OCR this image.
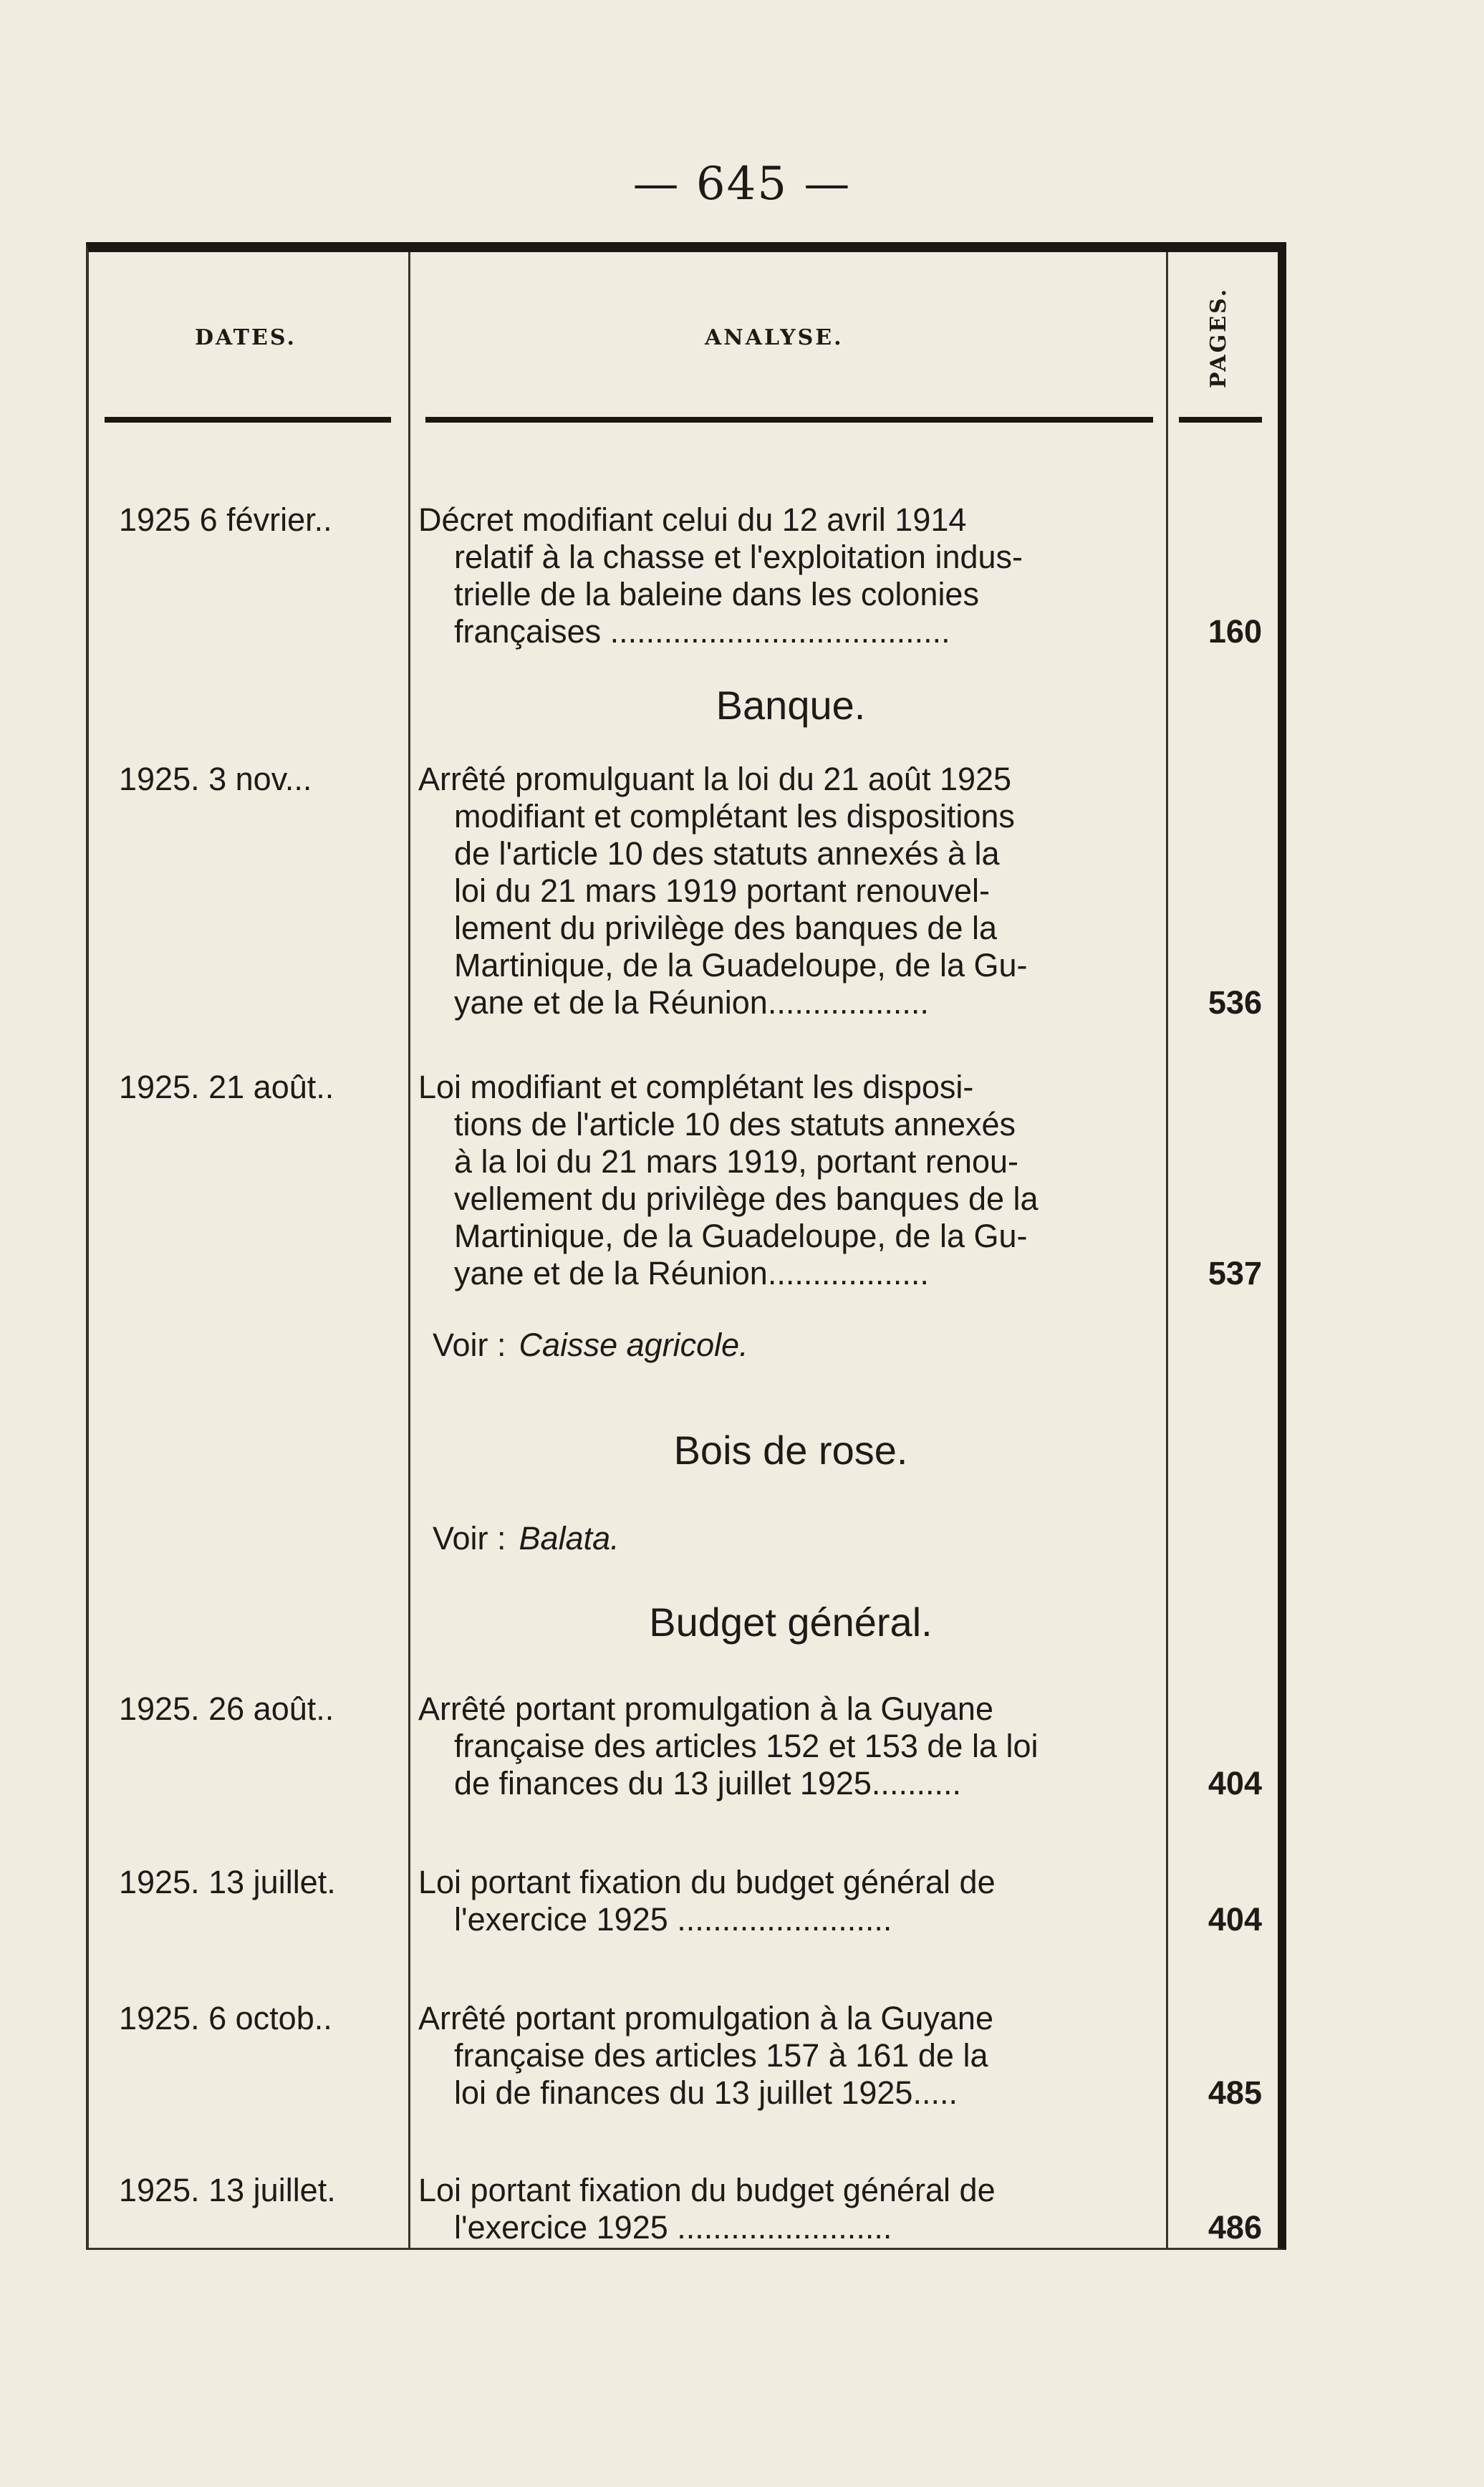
— 645 —
DATES.	ANALYSE.	PAGES.
1925 6 février..	Décret modifiant celui du 12 avril 1914
relatif à la chasse et l'exploitation indus-
trielle de la baleine dans les colonies
françaises ......................................	160
Banque.
1925. 3 nov...	Arrêté promulguant la loi du 21 août 1925
modifiant et complétant les dispositions
de l'article 10 des statuts annexés à la
loi du 21 mars 1919 portant renouvel-
lement du privilège des banques de la
Martinique, de la Guadeloupe, de la Gu-
yane et de la Réunion..................	536
1925. 21 août..	Loi modifiant et complétant les disposi-
tions de l'article 10 des statuts annexés
à la loi du 21 mars 1919, portant renou-
vellement du privilège des banques de la
Martinique, de la Guadeloupe, de la Gu-
yane et de la Réunion..................	537
Voir : Caisse agricole.
Bois de rose.
Voir : Balata.
Budget général.
1925. 26 août..	Arrêté portant promulgation à la Guyane
française des articles 152 et 153 de la loi
de finances du 13 juillet 1925..........	404
1925. 13 juillet.	Loi portant fixation du budget général de
l'exercice 1925 ........................	404
1925. 6 octob..	Arrêté portant promulgation à la Guyane
française des articles 157 à 161 de la
loi de finances du 13 juillet 1925.....	485
1925. 13 juillet.	Loi portant fixation du budget général de
l'exercice 1925 ........................	486
